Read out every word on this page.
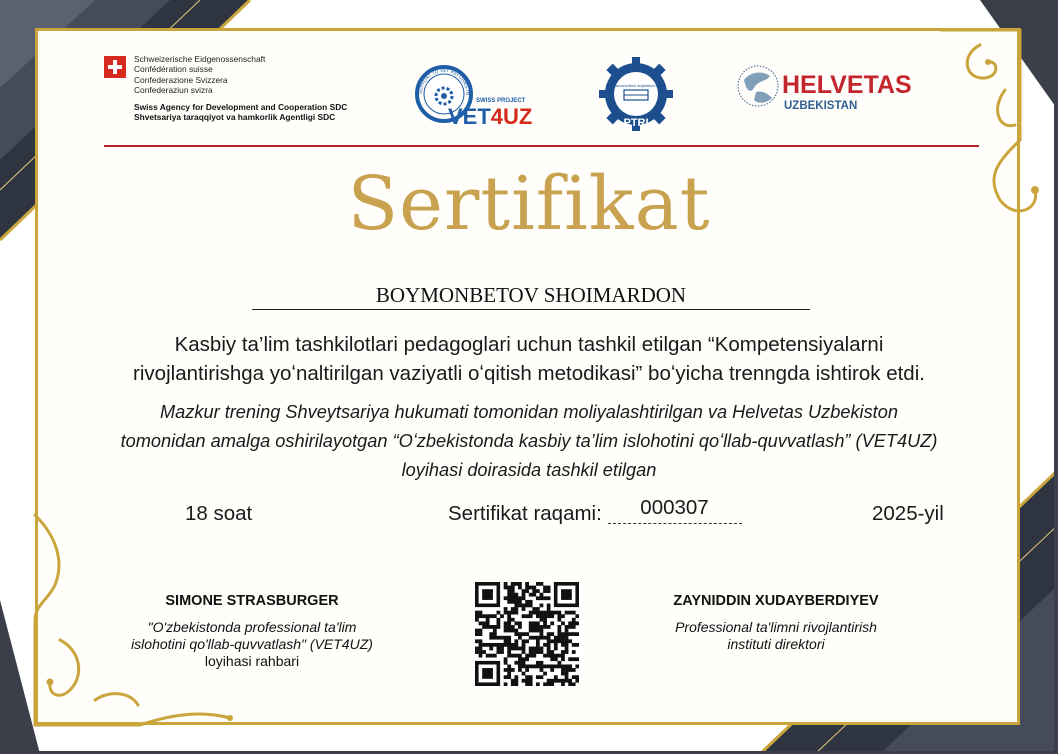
Schweizerische Eidgenossenschaft
Confédération suisse
Confederazione Svizzera
Confederaziun svizra
Swiss Agency for Development and Cooperation SDC
Shvetsariya taraqqiyot va hamkorlik Agentligi SDC
SUPPORT TO VET REFORMS IN
SWISS PROJECT
VET4UZ
Professional ta'limni rivojlantirish instituti
PTRI
HELVETAS
UZBEKISTAN
Sertifikat
BOYMONBETOV SHOIMARDON
Kasbiy ta’lim tashkilotlari pedagoglari uchun tashkil etilgan “Kompetensiyalarni
rivojlantirishga yoʻnaltirilgan vaziyatli oʻqitish metodikasi” boʻyicha trenngda ishtirok etdi.
Mazkur trening Shveytsariya hukumati tomonidan moliyalashtirilgan va Helvetas Uzbekiston
tomonidan amalga oshirilayotgan “Oʻzbekistonda kasbiy ta’lim islohotini qoʻllab-quvvatlash” (VET4UZ)
loyihasi doirasida tashkil etilgan
18 soat	Sertifikat raqami: 000307	2025-yil
SIMONE STRASBURGER
"O'zbekistonda professional ta'lim
islohotini qo'llab-quvvatlash" (VET4UZ)
loyihasi rahbari
ZAYNIDDIN XUDAYBERDIYEV
Professional ta'limni rivojlantirish
instituti direktori
